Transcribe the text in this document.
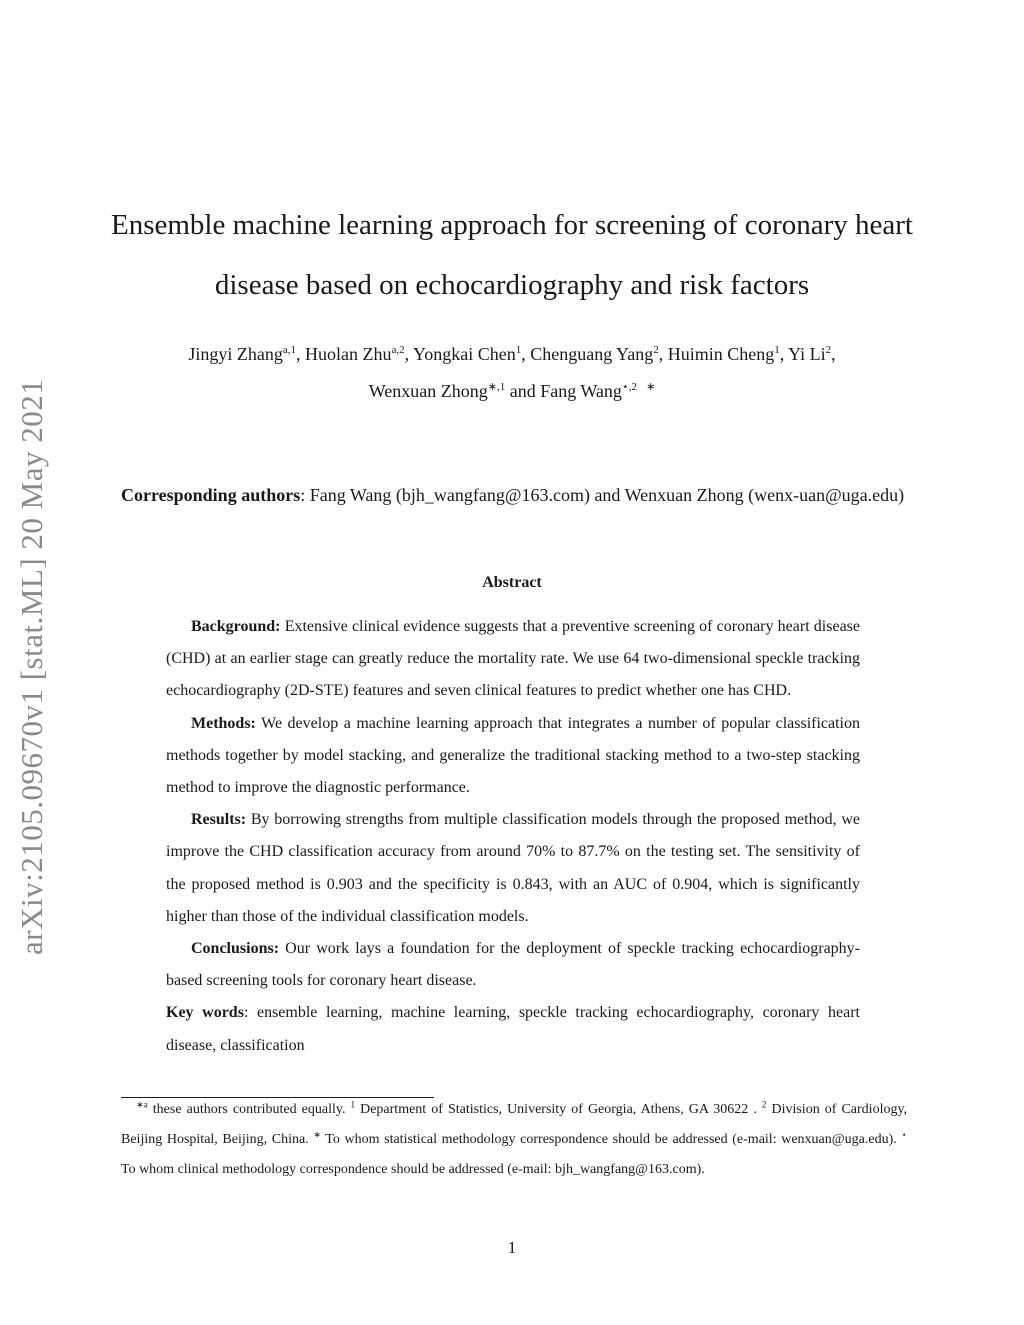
arXiv:2105.09670v1 [stat.ML] 20 May 2021
Ensemble machine learning approach for screening of coronary heart disease based on echocardiography and risk factors
Jingyi Zhang$^{a,1}$, Huolan Zhu$^{a,2}$, Yongkai Chen$^1$, Chenguang Yang$^2$, Huimin Cheng$^1$, Yi Li$^2$,
Wenxuan Zhong$^{∗,1}$ and Fang Wang$^{⋆,2}$ ∗
Corresponding authors: Fang Wang (bjh_wangfang@163.com) and Wenxuan Zhong (wenx-uan@uga.edu)
Abstract

Background: Extensive clinical evidence suggests that a preventive screening of coronary heart disease (CHD) at an earlier stage can greatly reduce the mortality rate. We use 64 two-dimensional speckle tracking echocardiography (2D-STE) features and seven clinical features to predict whether one has CHD.

Methods: We develop a machine learning approach that integrates a number of popular classification methods together by model stacking, and generalize the traditional stacking method to a two-step stacking method to improve the diagnostic performance.

Results: By borrowing strengths from multiple classification models through the proposed method, we improve the CHD classification accuracy from around 70% to 87.7% on the testing set. The sensitivity of the proposed method is 0.903 and the specificity is 0.843, with an AUC of 0.904, which is significantly higher than those of the individual classification models.

Conclusions: Our work lays a foundation for the deployment of speckle tracking echocardiography-based screening tools for coronary heart disease.

Key words: ensemble learning, machine learning, speckle tracking echocardiography, coronary heart disease, classification

$^{∗a}$ these authors contributed equally. $^1$ Department of Statistics, University of Georgia, Athens, GA 30622 . $^2$ Division of Cardiology, Beijing Hospital, Beijing, China. ∗ To whom statistical methodology correspondence should be addressed (e-mail: wenxuan@uga.edu). ⋆ To whom clinical methodology correspondence should be addressed (e-mail: bjh_wangfang@163.com).
1
